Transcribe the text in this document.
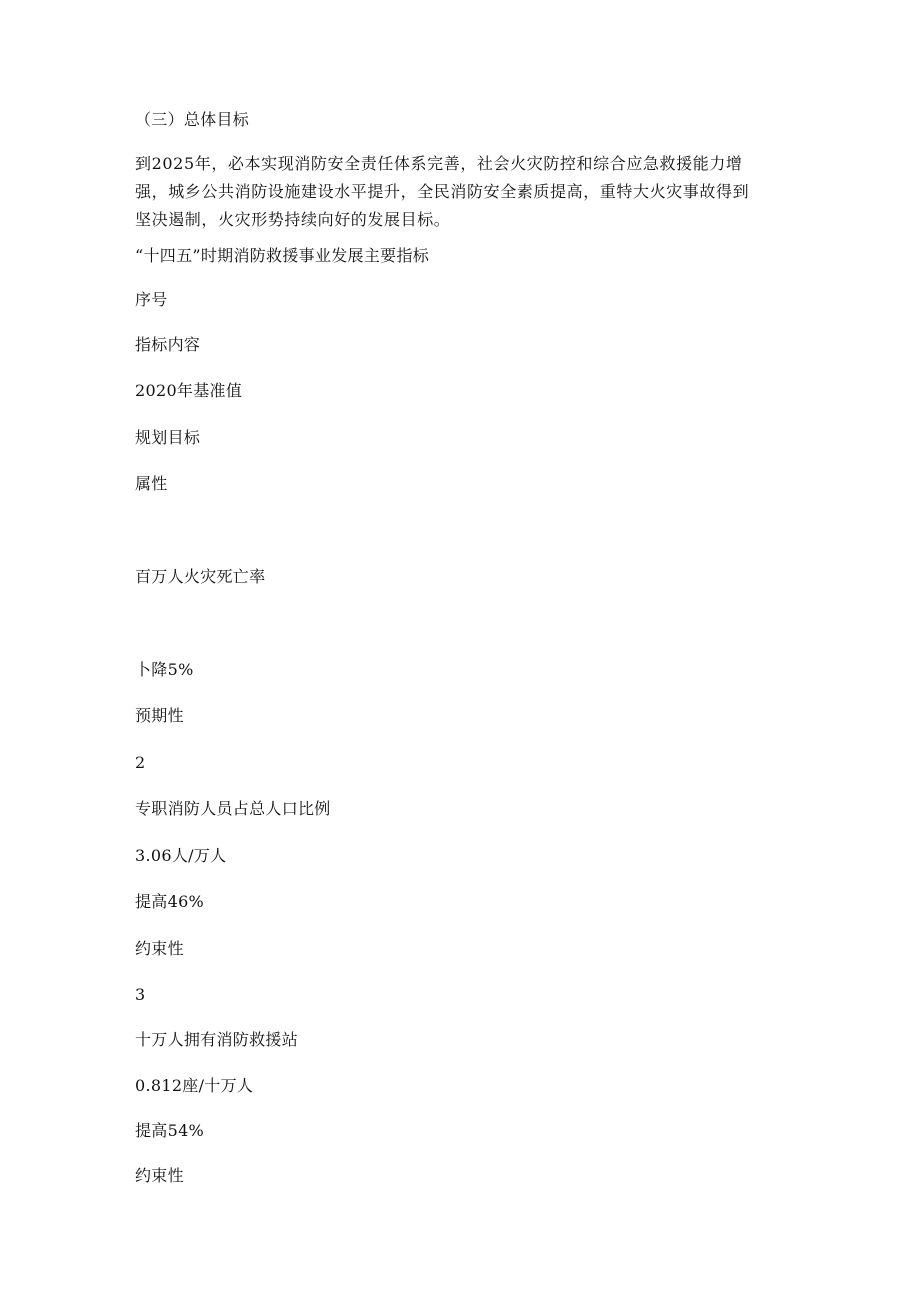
（三）总体目标
到2025年，必本实现消防安全责任体系完善，社会火灾防控和综合应急救援能力增
强，城乡公共消防设施建设水平提升，全民消防安全素质提高，重特大火灾事故得到
坚决遏制，火灾形势持续向好的发展目标。
“十四五”时期消防救援事业发展主要指标
序号
指标内容
2020年基准值
规划目标
属性
百万人火灾死亡率
卜降5%
预期性
2
专职消防人员占总人口比例
3.06人/万人
提高46%
约束性
3
十万人拥有消防救援站
0.812座/十万人
提高54%
约束性
